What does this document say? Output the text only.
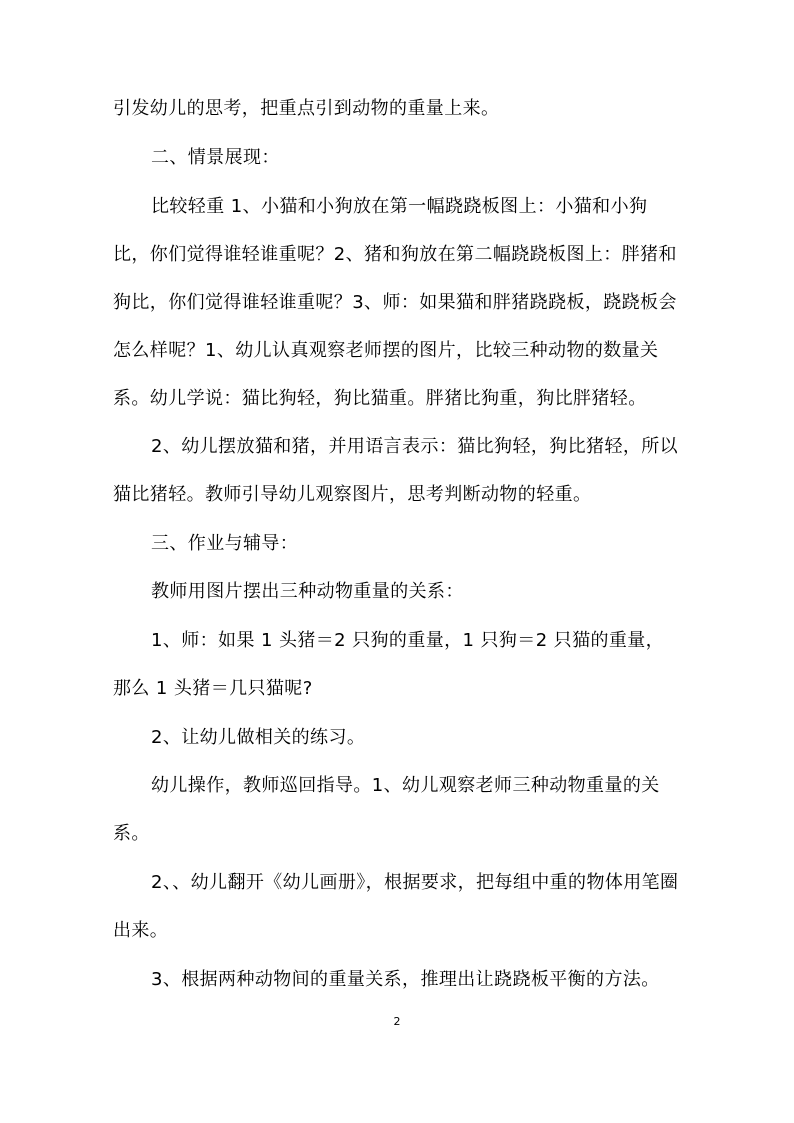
引发幼儿的思考，把重点引到动物的重量上来。

二、情景展现：

比较轻重 1、小猫和小狗放在第一幅跷跷板图上：小猫和小狗比，你们觉得谁轻谁重呢？2、猪和狗放在第二幅跷跷板图上：胖猪和狗比，你们觉得谁轻谁重呢？3、师：如果猫和胖猪跷跷板，跷跷板会怎么样呢？1、幼儿认真观察老师摆的图片，比较三种动物的数量关系。幼儿学说：猫比狗轻，狗比猫重。胖猪比狗重，狗比胖猪轻。

2、幼儿摆放猫和猪，并用语言表示：猫比狗轻，狗比猪轻，所以猫比猪轻。教师引导幼儿观察图片，思考判断动物的轻重。

三、作业与辅导：

教师用图片摆出三种动物重量的关系：

1、师：如果 1 头猪＝2 只狗的重量，1 只狗＝2 只猫的重量，那么 1 头猪＝几只猫呢?

2、让幼儿做相关的练习。

幼儿操作，教师巡回指导。1、幼儿观察老师三种动物重量的关系。

2、、幼儿翻开《幼儿画册》，根据要求，把每组中重的物体用笔圈出来。

3、根据两种动物间的重量关系，推理出让跷跷板平衡的方法。

2
